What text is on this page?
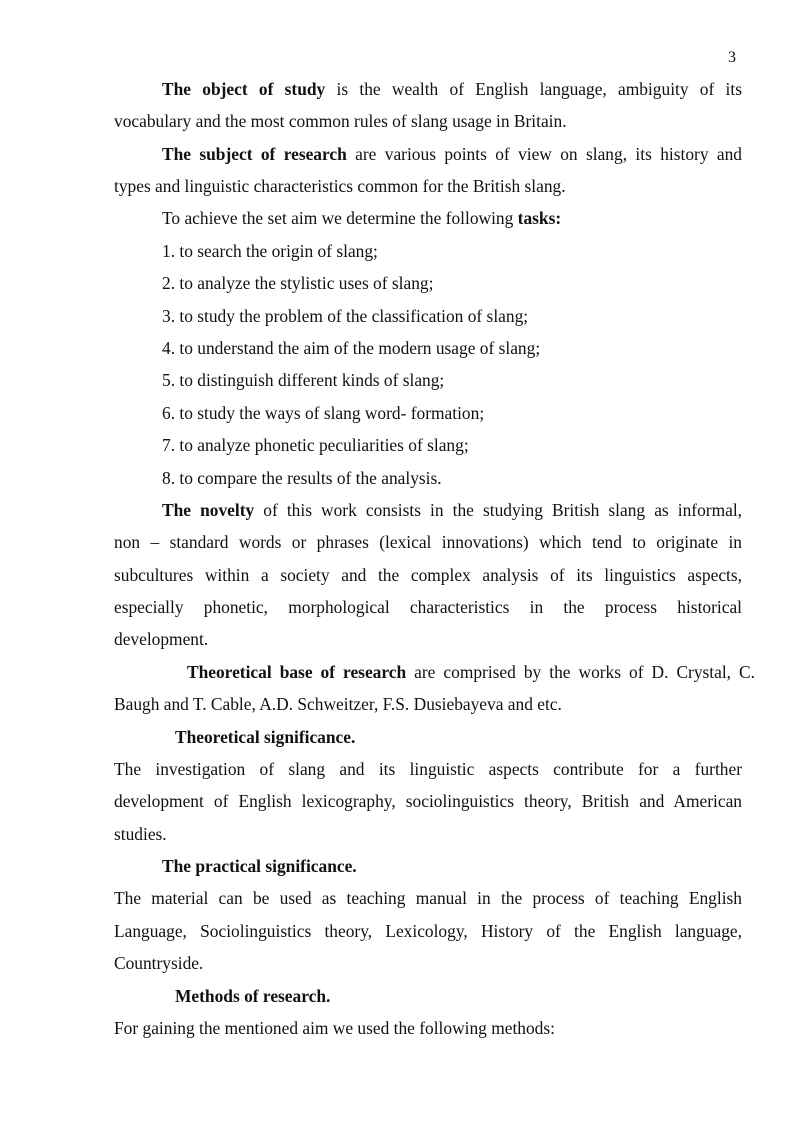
3
The object of study is the wealth of English language, ambiguity of its
vocabulary and the most common rules of slang usage in Britain.
The subject of research are various points of view on slang, its history and
types and linguistic characteristics common for the British slang.
To achieve the set aim we determine the following tasks:
1. to search the origin of slang;
2. to analyze the stylistic uses of slang;
3. to study the problem of the classification of slang;
4. to understand the aim of the modern usage of slang;
5. to distinguish different kinds of slang;
6. to study the ways of slang word- formation;
7. to analyze phonetic peculiarities of slang;
8. to compare the results of the analysis.
The novelty of this work consists in the studying British slang as informal,
non – standard words or phrases (lexical innovations) which tend to originate in
subcultures within a society and the complex analysis of its linguistics aspects,
especially phonetic, morphological characteristics in the process historical
development.
Theoretical base of research are comprised by the works of D. Crystal, C.
Baugh and T. Cable, A.D. Schweitzer, F.S. Dusiebayeva and etc.
Theoretical significance.
The investigation of slang and its linguistic aspects contribute for a further
development of English lexicography, sociolinguistics theory, British and American
studies.
The practical significance.
The material can be used as teaching manual in the process of teaching English
Language, Sociolinguistics theory, Lexicology, History of the English language,
Countryside.
Methods of research.
For gaining the mentioned aim we used the following methods:
